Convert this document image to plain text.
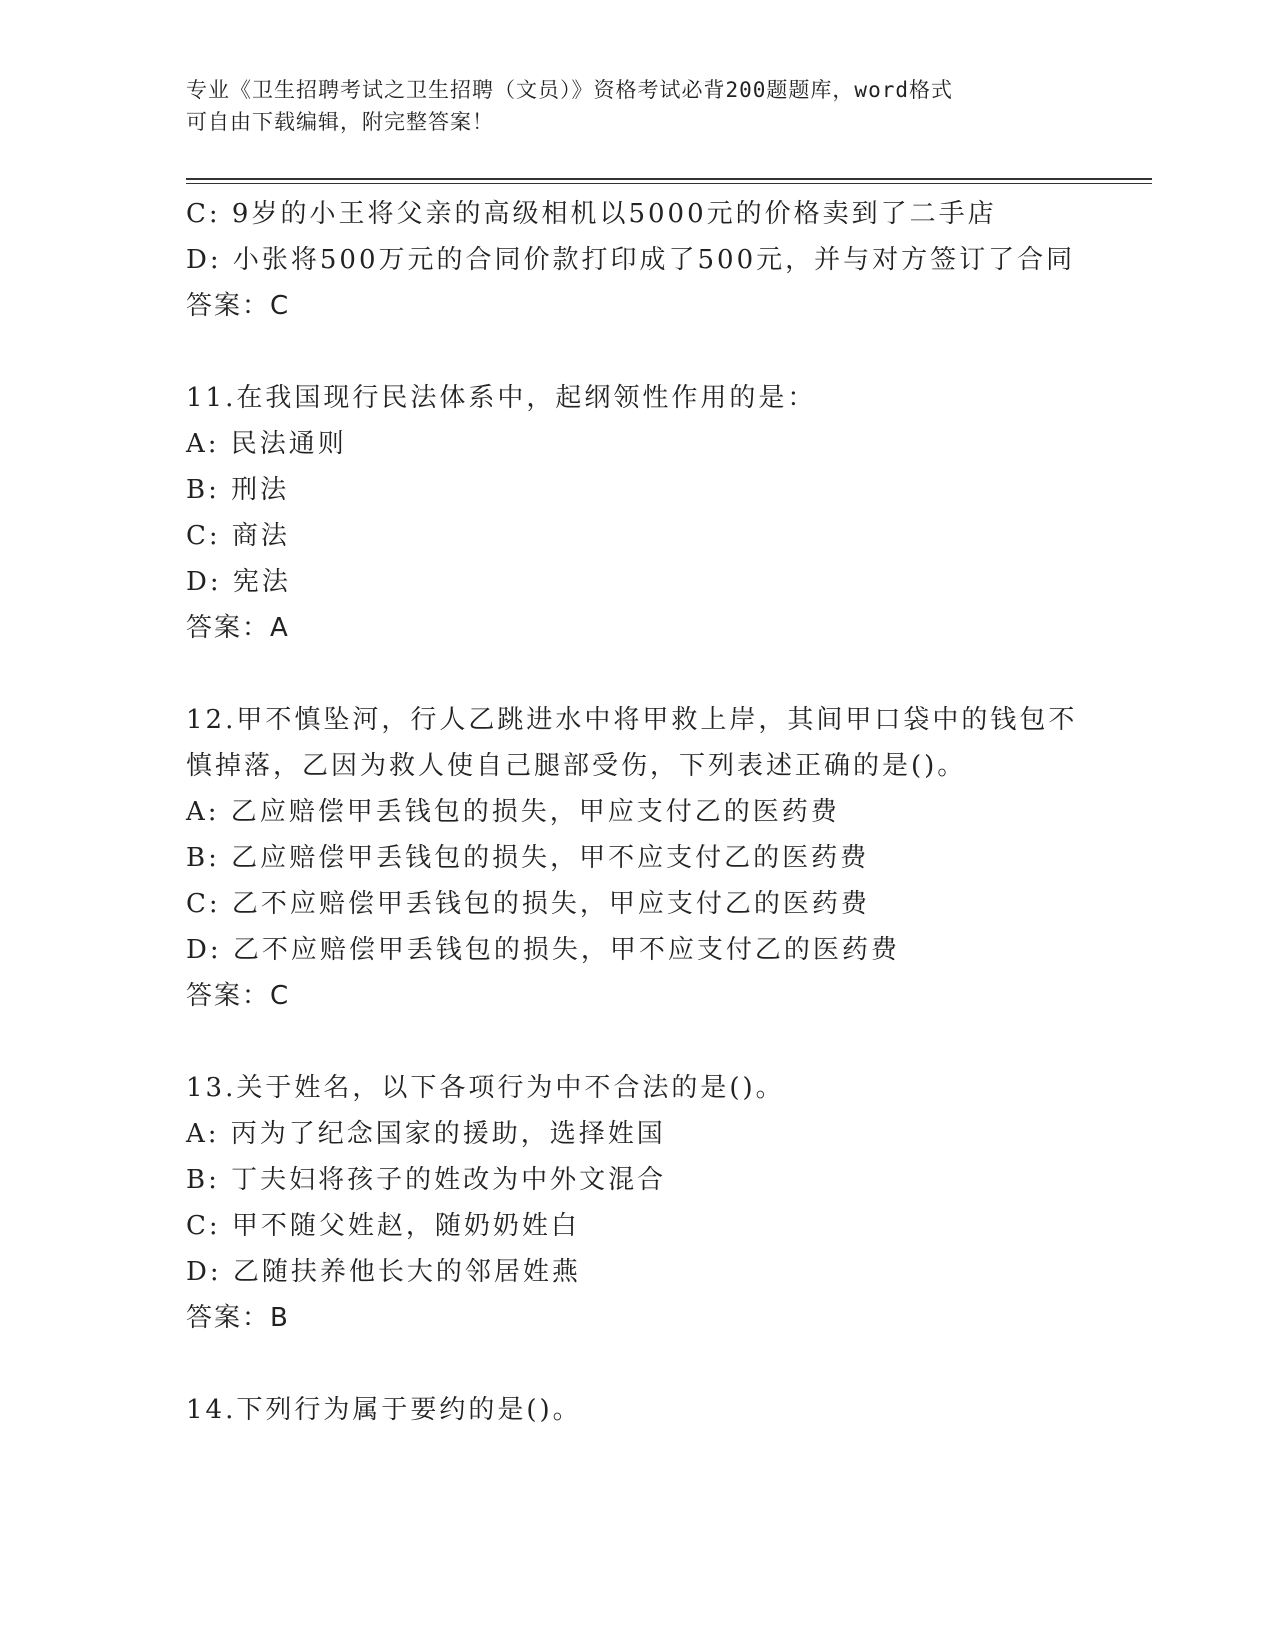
专业《卫生招聘考试之卫生招聘（文员）》资格考试必背200题题库，word格式
可自由下载编辑，附完整答案！
C: 9岁的小王将父亲的高级相机以5000元的价格卖到了二手店
D: 小张将500万元的合同价款打印成了500元，并与对方签订了合同
答案：C
11.在我国现行民法体系中，起纲领性作用的是：
A: 民法通则
B: 刑法
C: 商法
D: 宪法
答案：A
12.甲不慎坠河，行人乙跳进水中将甲救上岸，其间甲口袋中的钱包不
慎掉落，乙因为救人使自己腿部受伤，下列表述正确的是()。
A: 乙应赔偿甲丢钱包的损失，甲应支付乙的医药费
B: 乙应赔偿甲丢钱包的损失，甲不应支付乙的医药费
C: 乙不应赔偿甲丢钱包的损失，甲应支付乙的医药费
D: 乙不应赔偿甲丢钱包的损失，甲不应支付乙的医药费
答案：C
13.关于姓名，以下各项行为中不合法的是()。
A: 丙为了纪念国家的援助，选择姓国
B: 丁夫妇将孩子的姓改为中外文混合
C: 甲不随父姓赵，随奶奶姓白
D: 乙随扶养他长大的邻居姓燕
答案：B
14.下列行为属于要约的是()。
